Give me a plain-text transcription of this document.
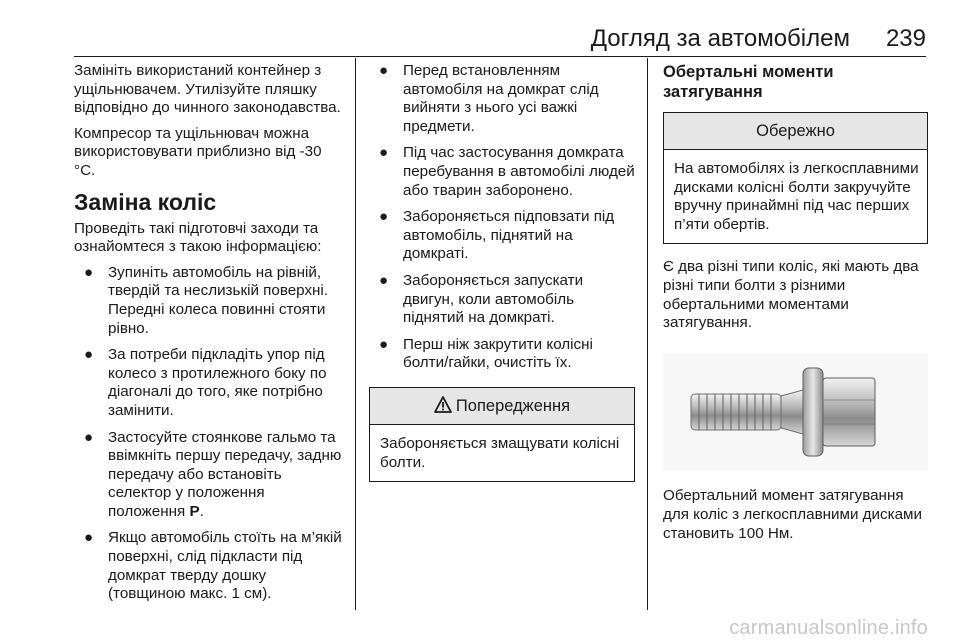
Догляд за автомобілем 239

Замініть використаний контейнер з ущільнювачем. Утилізуйте пляшку відповідно до чинного законодавства.

Компресор та ущільнювач можна використовувати приблизно від -30 °C.

Заміна коліс

Проведіть такі підготовчі заходи та ознайомтеся з такою інформацією:

● Зупиніть автомобіль на рівній, твердій та неслизькій поверхні. Передні колеса повинні стояти рівно.
● За потреби підкладіть упор під колесо з протилежного боку по діагоналі до того, яке потрібно замінити.
● Застосуйте стоянкове гальмо та ввімкніть першу передачу, задню передачу або встановіть селектор у положення
положення P.
● Якщо автомобіль стоїть на м’якій поверхні, слід підкласти під домкрат тверду дошку (товщиною макс. 1 см).
● Перед встановленням автомобіля на домкрат слід вийняти з нього усі важкі предмети.
● Під час застосування домкрата перебування в автомобілі людей або тварин заборонено.
● Забороняється підповзати під автомобіль, піднятий на домкраті.
● Забороняється запускати двигун, коли автомобіль піднятий на домкраті.
● Перш ніж закрутити колісні болти/гайки, очистіть їх.
Попередження
Забороняється змащувати колісні болти.
Обертальні моменти затягування
Обережно
На автомобілях із легкосплавними дисками колісні болти закручуйте вручну принаймні під час перших п’яти обертів.

Є два різні типи коліс, які мають два різні типи болти з різними обертальними моментами затягування.

Обертальний момент затягування для коліс з легкосплавними дисками становить 100 Нм.

carmanualsonline.info
